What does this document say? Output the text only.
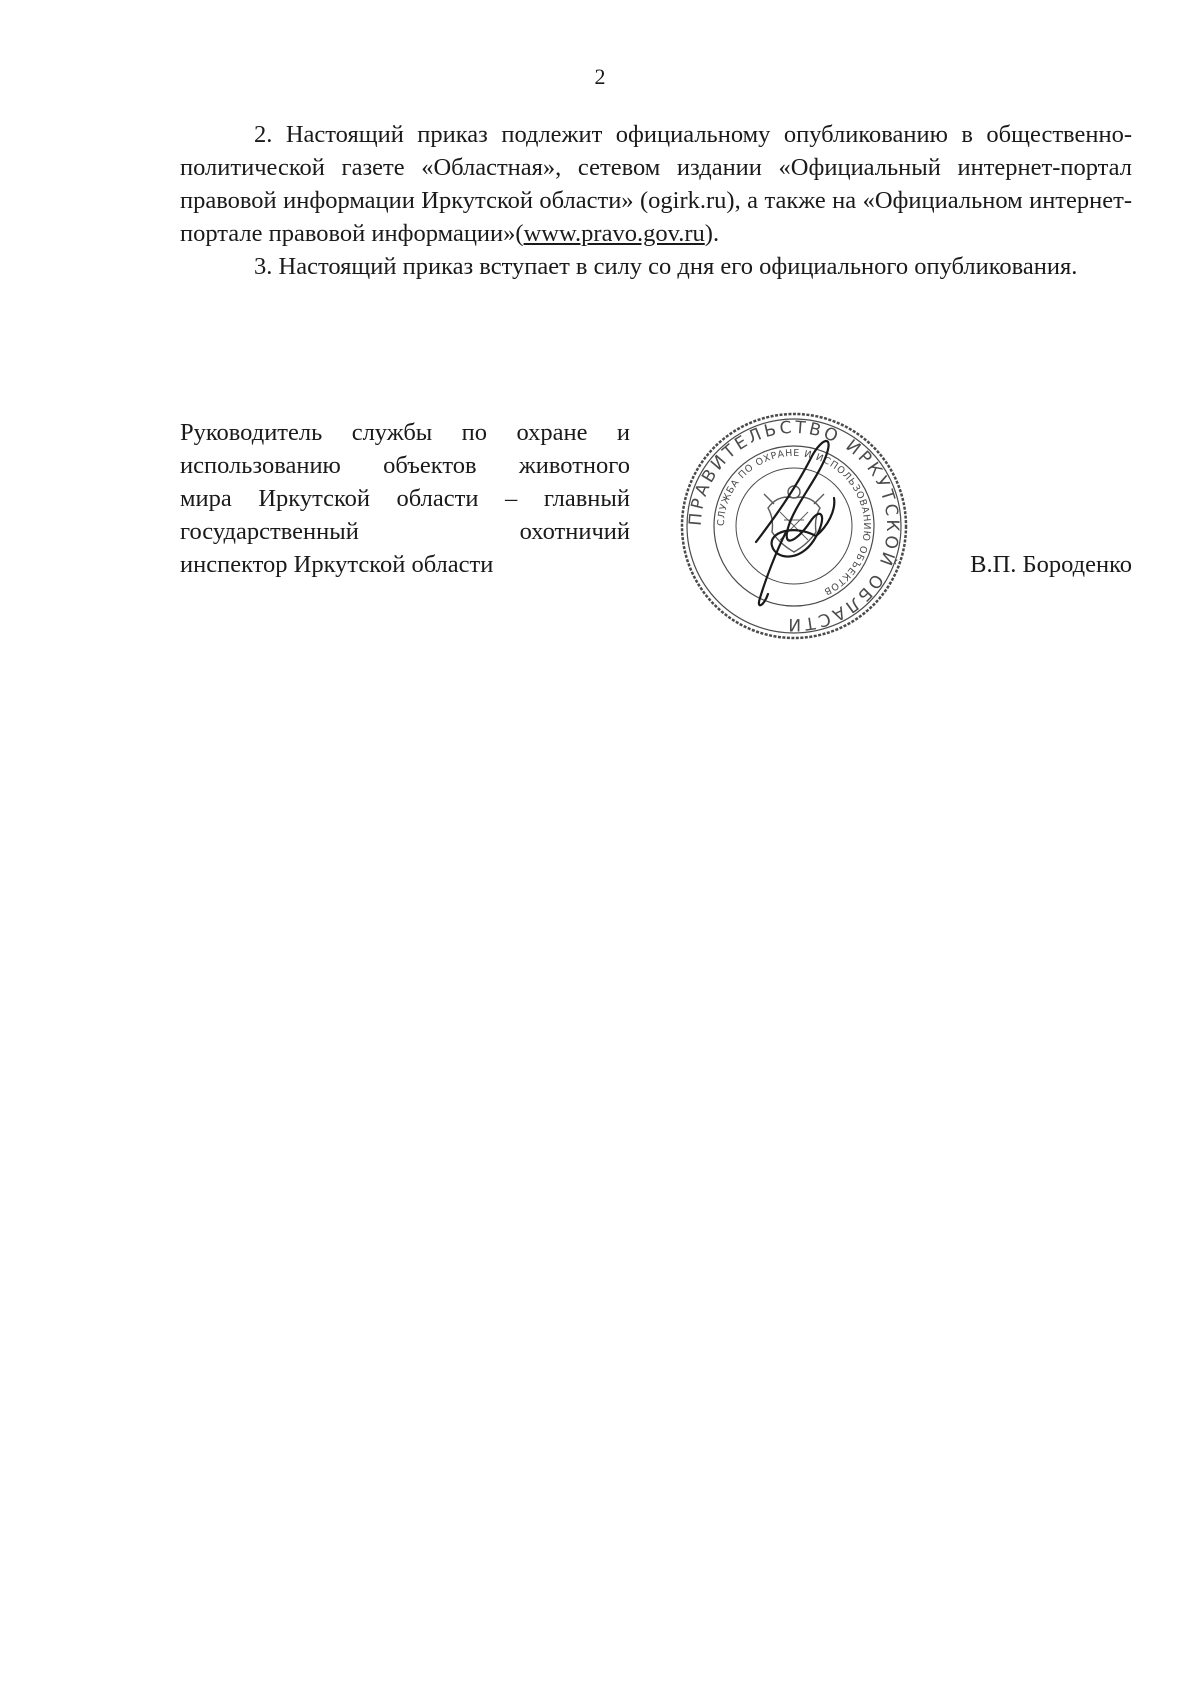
2

2. Настоящий приказ подлежит официальному опубликованию в общественно-политической газете «Областная», сетевом издании «Официальный интернет-портал правовой информации Иркутской области» (ogirk.ru), а также на «Официальном интернет-портале правовой информации»(www.pravo.gov.ru).

3. Настоящий приказ вступает в силу со дня его официального опубликования.

Руководитель службы по охране и
использованию объектов животного
мира Иркутской области – главный
государственный охотничий
инспектор Иркутской области
ПРАВИТЕЛЬСТВО ИРКУТСКОЙ ОБЛАСТИ
СЛУЖБА ПО ОХРАНЕ И ИСПОЛЬЗОВАНИЮ ОБЪЕКТОВ
В.П. Бороденко
